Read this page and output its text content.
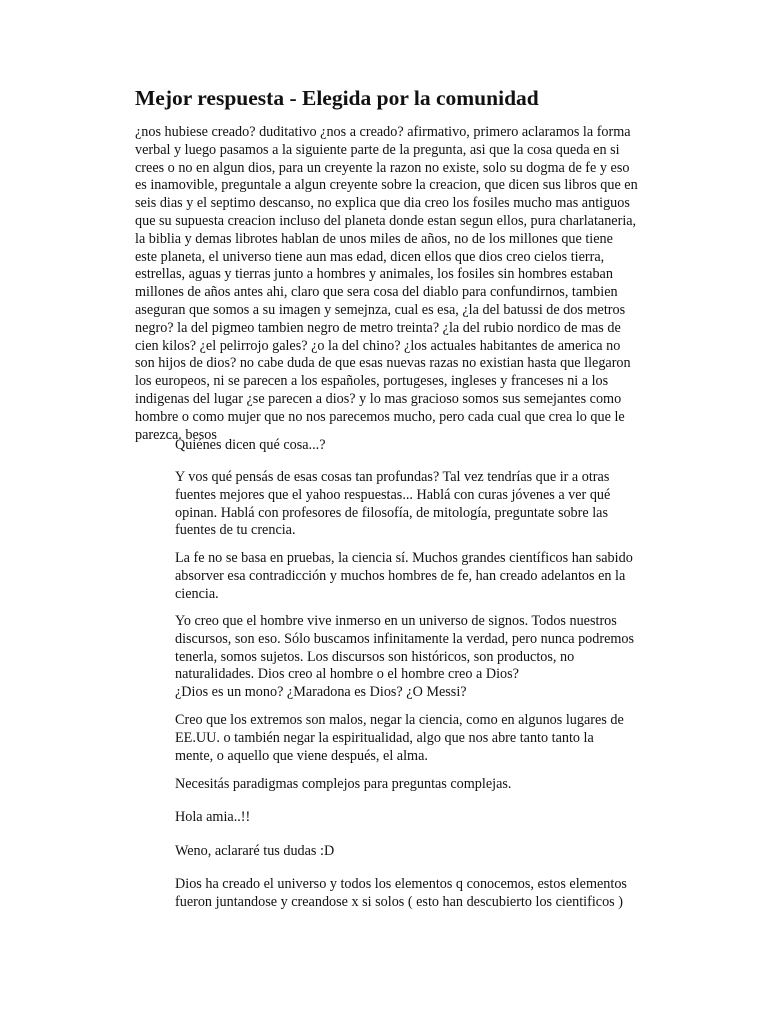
Mejor respuesta - Elegida por la comunidad
¿nos hubiese creado? duditativo ¿nos a creado? afirmativo, primero aclaramos la forma
verbal y luego pasamos a la siguiente parte de la pregunta, asi que la cosa queda en si
crees o no en algun dios, para un creyente la razon no existe, solo su dogma de fe y eso
es inamovible, preguntale a algun creyente sobre la creacion, que dicen sus libros que en
seis dias y el septimo descanso, no explica que dia creo los fosiles mucho mas antiguos
que su supuesta creacion incluso del planeta donde estan segun ellos, pura charlataneria,
la biblia y demas librotes hablan de unos miles de años, no de los millones que tiene
este planeta, el universo tiene aun mas edad, dicen ellos que dios creo cielos tierra,
estrellas, aguas y tierras junto a hombres y animales, los fosiles sin hombres estaban
millones de años antes ahi, claro que sera cosa del diablo para confundirnos, tambien
aseguran que somos a su imagen y semejnza, cual es esa, ¿la del batussi de dos metros
negro? la del pigmeo tambien negro de metro treinta? ¿la del rubio nordico de mas de
cien kilos? ¿el pelirrojo gales? ¿o la del chino? ¿los actuales habitantes de america no
son hijos de dios? no cabe duda de que esas nuevas razas no existian hasta que llegaron
los europeos, ni se parecen a los españoles, portugeses, ingleses y franceses ni a los
indigenas del lugar ¿se parecen a dios? y lo mas gracioso somos sus semejantes como
hombre o como mujer que no nos parecemos mucho, pero cada cual que crea lo que le
parezca. besos
Quiénes dicen qué cosa...?
Y vos qué pensás de esas cosas tan profundas? Tal vez tendrías que ir a otras
fuentes mejores que el yahoo respuestas... Hablá con curas jóvenes a ver qué
opinan. Hablá con profesores de filosofía, de mitología, preguntate sobre las
fuentes de tu crencia.
La fe no se basa en pruebas, la ciencia sí. Muchos grandes científicos han sabido
absorver esa contradicción y muchos hombres de fe, han creado adelantos en la
ciencia.
Yo creo que el hombre vive inmerso en un universo de signos. Todos nuestros
discursos, son eso. Sólo buscamos infinitamente la verdad, pero nunca podremos
tenerla, somos sujetos. Los discursos son históricos, son productos, no
naturalidades. Dios creo al hombre o el hombre creo a Dios?
¿Dios es un mono? ¿Maradona es Dios? ¿O Messi?
Creo que los extremos son malos, negar la ciencia, como en algunos lugares de
EE.UU. o también negar la espiritualidad, algo que nos abre tanto tanto la
mente, o aquello que viene después, el alma.
Necesitás paradigmas complejos para preguntas complejas.
Hola amia..!!
Weno, aclararé tus dudas :D
Dios ha creado el universo y todos los elementos q conocemos, estos elementos
fueron juntandose y creandose x si solos ( esto han descubierto los cientificos )
